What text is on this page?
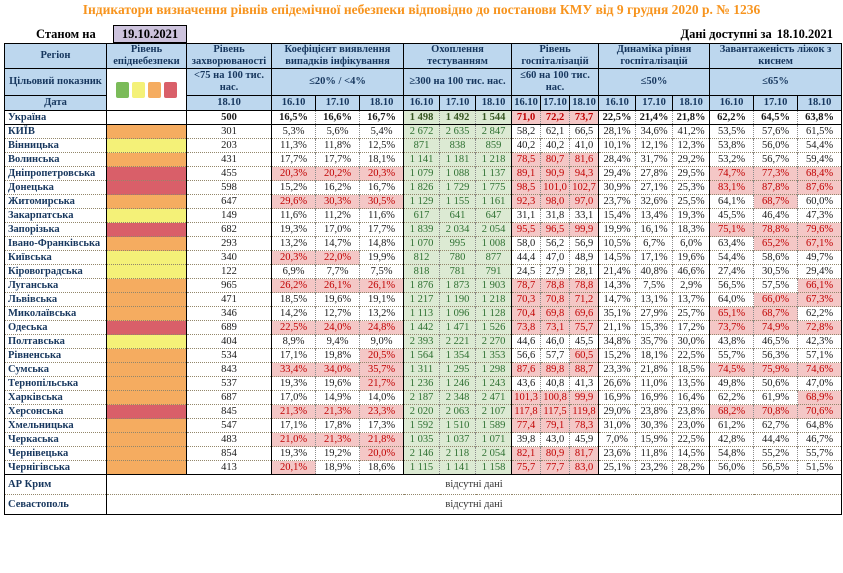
Індикатори визначення рівнів епідемічної небезпеки відповідно до постанови КМУ від 9 грудня 2020 р. № 1236
Станом на	19.10.2021	Дані доступні за 18.10.2021
Регіон	Рівень епіднебезпеки	Рівень захворюваності	Коефіцієнт виявлення випадків інфікування			Охоплення тестуванням			Рівень госпіталізацій			Динаміка рівня госпіталізацій			Завантаженість ліжок з киснем		
Цільовий показник		<75 на 100 тис. нас.	≤20% / <4%			≥300 на 100 тис. нас.			≤60 на 100 тис. нас.			≤50%			≤65%		
Дата		18.10	16.10	17.10	18.10	16.10	17.10	18.10	16.10	17.10	18.10	16.10	17.10	18.10	16.10	17.10	18.10
Україна		500	16,5%	16,6%	16,7%	1 498	1 492	1 544	71,0	72,2	73,7	22,5%	21,4%	21,8%	62,2%	64,5%	63,8%
КИЇВ		301	5,3%	5,6%	5,4%	2 672	2 635	2 847	58,2	62,1	66,5	28,1%	34,6%	41,2%	53,5%	57,6%	61,5%
Вінницька		203	11,3%	11,8%	12,5%	871	838	859	40,2	40,2	41,0	10,1%	12,1%	12,3%	53,8%	56,0%	54,4%
Волинська		431	17,7%	17,7%	18,1%	1 141	1 181	1 218	78,5	80,7	81,6	28,4%	31,7%	29,2%	53,2%	56,7%	59,4%
Дніпропетровська		455	20,3%	20,2%	20,3%	1 079	1 088	1 137	89,1	90,9	94,3	29,4%	27,8%	29,5%	74,7%	77,3%	68,4%
Донецька		598	15,2%	16,2%	16,7%	1 826	1 729	1 775	98,5	101,0	102,7	30,9%	27,1%	25,3%	83,1%	87,8%	87,6%
Житомирська		647	29,6%	30,3%	30,5%	1 129	1 155	1 161	92,3	98,0	97,0	23,7%	32,6%	25,5%	64,1%	68,7%	60,0%
Закарпатська		149	11,6%	11,2%	11,6%	617	641	647	31,1	31,8	33,1	15,4%	13,4%	19,3%	45,5%	46,4%	47,3%
Запорізька		682	19,3%	17,0%	17,7%	1 839	2 034	2 054	95,5	96,5	99,9	19,9%	16,1%	18,3%	75,1%	78,8%	79,6%
Івано-Франківська		293	13,2%	14,7%	14,8%	1 070	995	1 008	58,0	56,2	56,9	10,5%	6,7%	6,0%	63,4%	65,2%	67,1%
Київська		340	20,3%	22,0%	19,9%	812	780	877	44,4	47,0	48,9	14,5%	17,1%	19,6%	54,4%	58,6%	49,7%
Кіровоградська		122	6,9%	7,7%	7,5%	818	781	791	24,5	27,9	28,1	21,4%	40,8%	46,6%	27,4%	30,5%	29,4%
Луганська		965	26,2%	26,1%	26,1%	1 876	1 873	1 903	78,7	78,8	78,8	14,3%	7,5%	2,9%	56,5%	57,5%	66,1%
Львівська		471	18,5%	19,6%	19,1%	1 217	1 190	1 218	70,3	70,8	71,2	14,7%	13,1%	13,7%	64,0%	66,0%	67,3%
Миколаївська		346	14,2%	12,7%	13,2%	1 113	1 096	1 128	70,4	69,8	69,6	35,1%	27,9%	25,7%	65,1%	68,7%	62,2%
Одеська		689	22,5%	24,0%	24,8%	1 442	1 471	1 526	73,8	73,1	75,7	21,1%	15,3%	17,2%	73,7%	74,9%	72,8%
Полтавська		404	8,9%	9,4%	9,0%	2 393	2 221	2 270	44,6	46,0	45,5	34,8%	35,7%	30,0%	43,8%	46,5%	42,3%
Рівненська		534	17,1%	19,8%	20,5%	1 564	1 354	1 353	56,6	57,7	60,5	15,2%	18,1%	22,5%	55,7%	56,3%	57,1%
Сумська		843	33,4%	34,0%	35,7%	1 311	1 295	1 298	87,6	89,8	88,7	23,3%	21,8%	18,5%	74,5%	75,9%	74,6%
Тернопільська		537	19,3%	19,6%	21,7%	1 236	1 246	1 243	43,6	40,8	41,3	26,6%	11,0%	13,5%	49,8%	50,6%	47,0%
Харківська		687	17,0%	14,9%	14,0%	2 187	2 348	2 471	101,3	100,8	99,9	16,9%	16,9%	16,4%	62,2%	61,9%	68,9%
Херсонська		845	21,3%	21,3%	23,3%	2 020	2 063	2 107	117,8	117,5	119,8	29,0%	23,8%	23,8%	68,2%	70,8%	70,6%
Хмельницька		547	17,1%	17,8%	17,3%	1 592	1 510	1 589	77,4	79,1	78,3	31,0%	30,3%	23,0%	61,2%	62,7%	64,8%
Черкаська		483	21,0%	21,3%	21,8%	1 035	1 037	1 071	39,8	43,0	45,9	7,0%	15,9%	22,5%	42,8%	44,4%	46,7%
Чернівецька		854	19,3%	19,2%	20,0%	2 146	2 118	2 054	82,1	80,9	81,7	23,6%	11,8%	14,5%	54,8%	55,2%	55,7%
Чернігівська		413	20,1%	18,9%	18,6%	1 115	1 141	1 158	75,7	77,7	83,0	25,1%	23,2%	28,2%	56,0%	56,5%	51,5%
АР Крим	відсутні дані																
Севастополь	відсутні дані																
